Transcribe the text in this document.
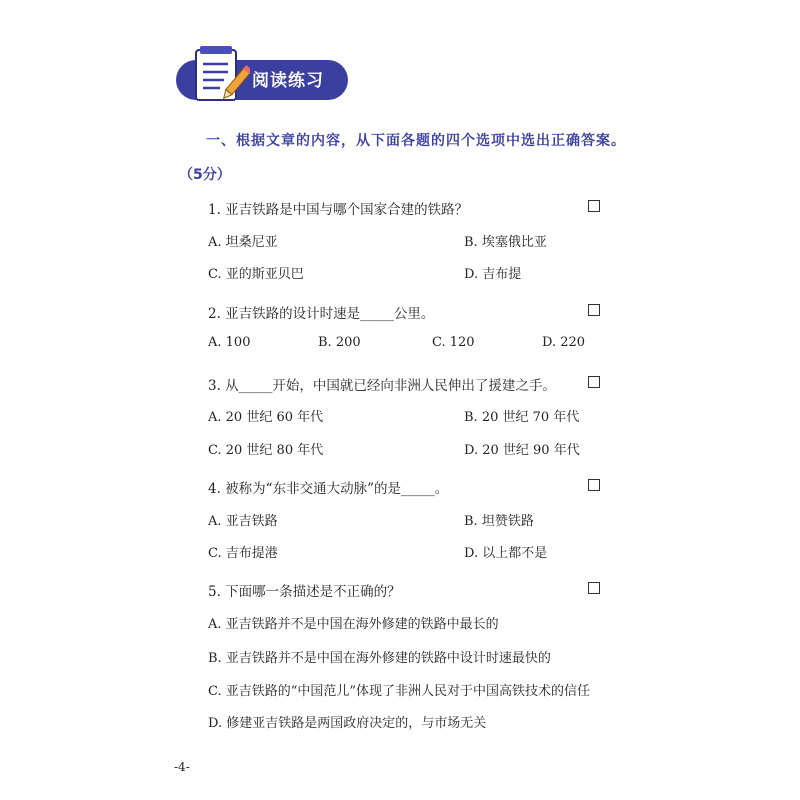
阅读练习
一、根据文章的内容，从下面各题的四个选项中选出正确答案。
（5分）
1. 亚吉铁路是中国与哪个国家合建的铁路？
A. 坦桑尼亚	B. 埃塞俄比亚
C. 亚的斯亚贝巴	D. 吉布提
2. 亚吉铁路的设计时速是_____公里。
A. 100	B. 200	C. 120	D. 220
3. 从_____开始，中国就已经向非洲人民伸出了援建之手。
A. 20 世纪 60 年代	B. 20 世纪 70 年代
C. 20 世纪 80 年代	D. 20 世纪 90 年代
4. 被称为“东非交通大动脉”的是_____。
A. 亚吉铁路	B. 坦赞铁路
C. 吉布提港	D. 以上都不是
5. 下面哪一条描述是不正确的？
A. 亚吉铁路并不是中国在海外修建的铁路中最长的
B. 亚吉铁路并不是中国在海外修建的铁路中设计时速最快的
C. 亚吉铁路的“中国范儿”体现了非洲人民对于中国高铁技术的信任
D. 修建亚吉铁路是两国政府决定的，与市场无关
-4-
